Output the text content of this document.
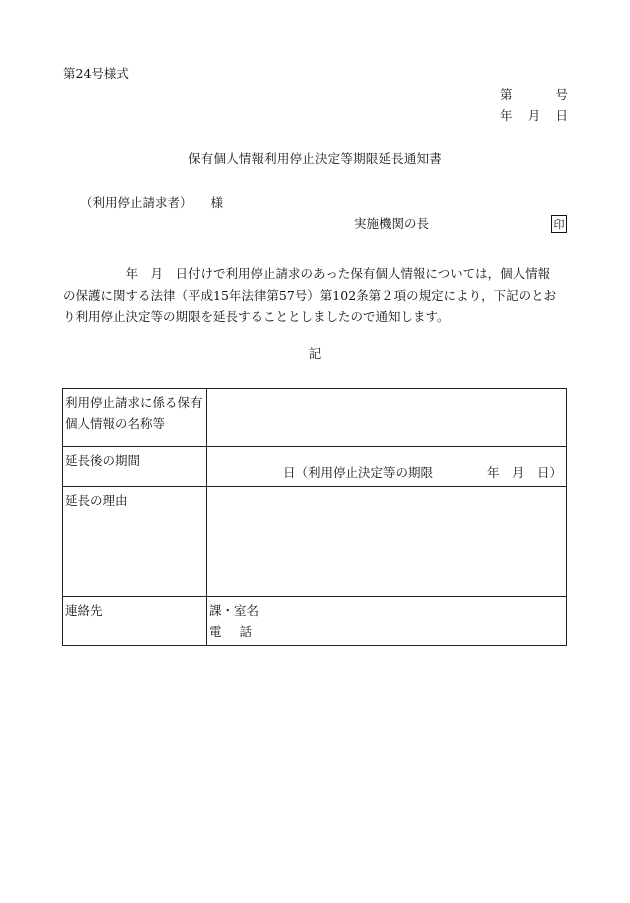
第24号様式
第	号
年 月 日
保有個人情報利用停止決定等期限延長通知書
（利用停止請求者） 様
実施機関の長	印
　　　　　年　月　日付けで利用停止請求のあった保有個人情報については，個人情報
の保護に関する法律（平成15年法律第57号）第102条第２項の規定により，下記のとお
り利用停止決定等の期限を延長することとしましたので通知します。
記
利用停止請求に係る保有個人情報の名称等	
延長後の期間	日（利用停止決定等の期限 年　月　日）

延長の理由	
連絡先	課・室名
電話
